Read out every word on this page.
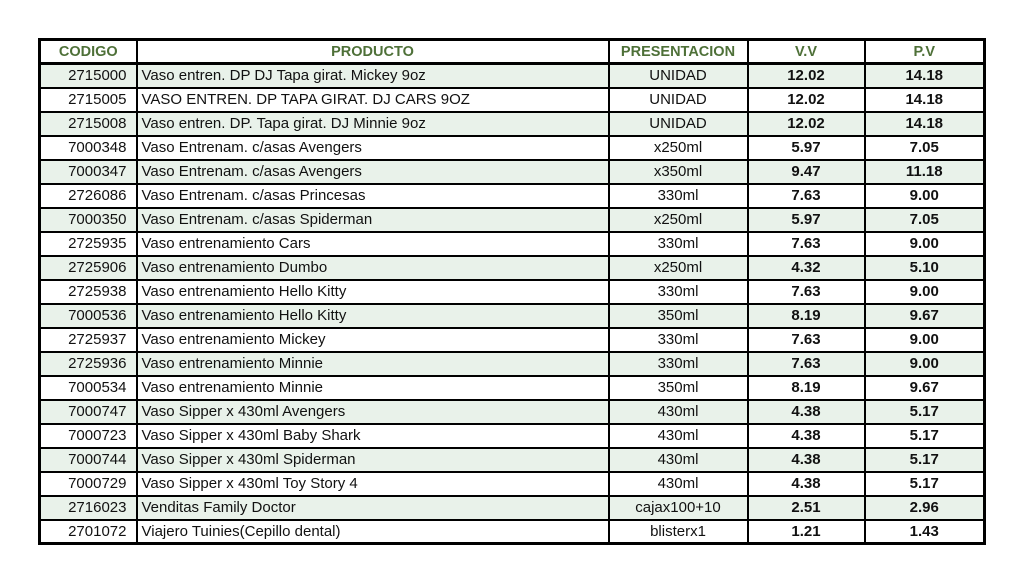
CODIGO	PRODUCTO	PRESENTACION	V.V	P.V
2715000	Vaso entren. DP DJ Tapa girat. Mickey 9oz	UNIDAD	12.02	14.18
2715005	VASO ENTREN. DP TAPA GIRAT. DJ CARS 9OZ	UNIDAD	12.02	14.18
2715008	Vaso entren. DP. Tapa girat. DJ Minnie 9oz	UNIDAD	12.02	14.18
7000348	Vaso Entrenam. c/asas Avengers	x250ml	5.97	7.05
7000347	Vaso Entrenam. c/asas Avengers	x350ml	9.47	11.18
2726086	Vaso Entrenam. c/asas Princesas	330ml	7.63	9.00
7000350	Vaso Entrenam. c/asas Spiderman	x250ml	5.97	7.05
2725935	Vaso entrenamiento Cars	330ml	7.63	9.00
2725906	Vaso entrenamiento Dumbo	x250ml	4.32	5.10
2725938	Vaso entrenamiento Hello Kitty	330ml	7.63	9.00
7000536	Vaso entrenamiento Hello Kitty	350ml	8.19	9.67
2725937	Vaso entrenamiento Mickey	330ml	7.63	9.00
2725936	Vaso entrenamiento Minnie	330ml	7.63	9.00
7000534	Vaso entrenamiento Minnie	350ml	8.19	9.67
7000747	Vaso Sipper x 430ml Avengers	430ml	4.38	5.17
7000723	Vaso Sipper x 430ml Baby Shark	430ml	4.38	5.17
7000744	Vaso Sipper x 430ml Spiderman	430ml	4.38	5.17
7000729	Vaso Sipper x 430ml Toy Story 4	430ml	4.38	5.17
2716023	Venditas Family Doctor	cajax100+10	2.51	2.96
2701072	Viajero Tuinies(Cepillo dental)	blisterx1	1.21	1.43
